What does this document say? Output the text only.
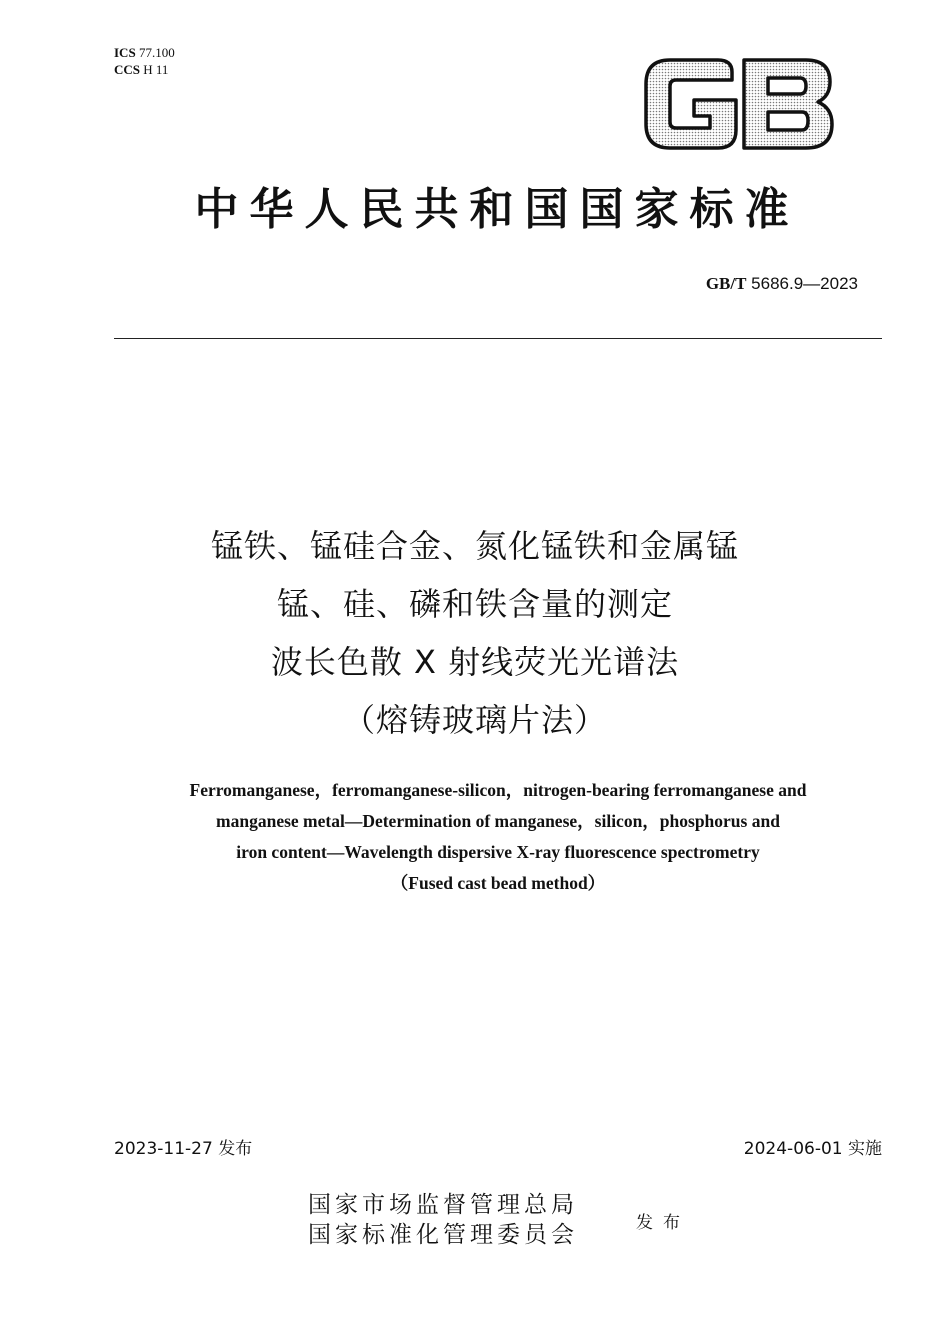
ICS 77.100
CCS H 11
中华人民共和国国家标准
GB/T 5686.9—2023
锰铁、锰硅合金、氮化锰铁和金属锰
锰、硅、磷和铁含量的测定
波长色散 X 射线荧光光谱法
（熔铸玻璃片法）
Ferromanganese，ferromanganese-silicon，nitrogen-bearing ferromanganese and
manganese metal—Determination of manganese，silicon，phosphorus and
iron content—Wavelength dispersive X-ray fluorescence spectrometry
（Fused cast bead method）
2023-11-27 发布	2024-06-01 实施
国家市场监督管理总局
国家标准化管理委员会	发布
